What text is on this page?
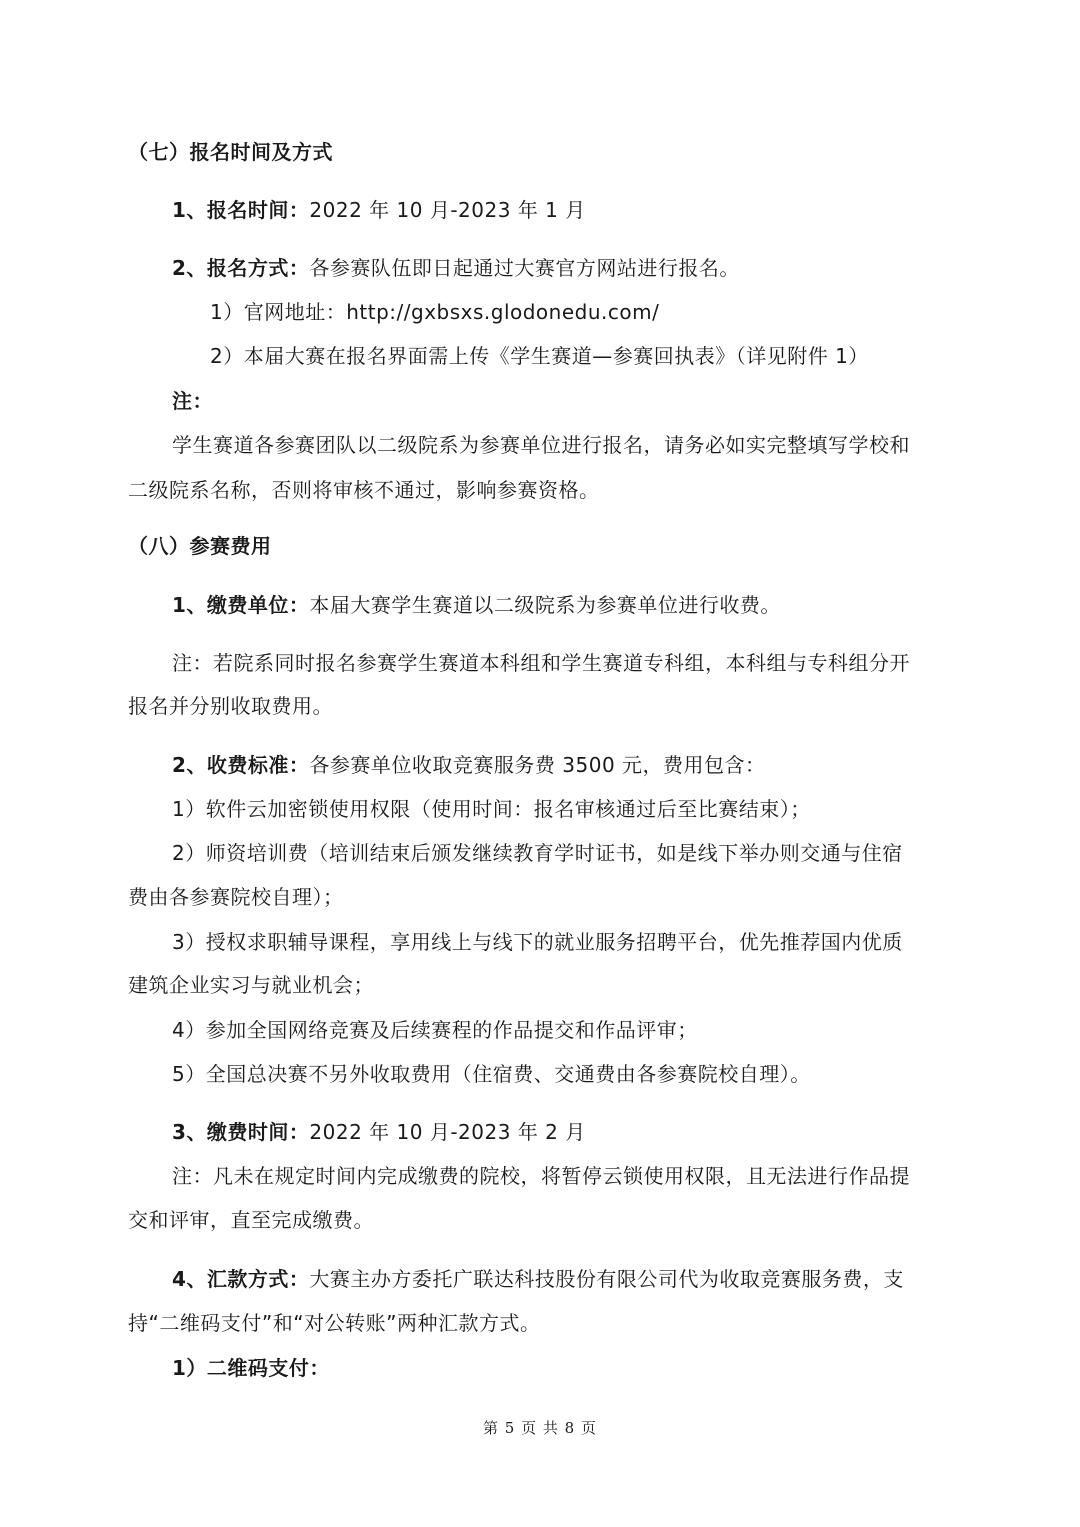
（七）报名时间及方式
1、报名时间：2022 年 10 月-2023 年 1 月
2、报名方式：各参赛队伍即日起通过大赛官方网站进行报名。
1）官网地址：http://gxbsxs.glodonedu.com/
2）本届大赛在报名界面需上传《学生赛道—参赛回执表》（详见附件 1）
注：
学生赛道各参赛团队以二级院系为参赛单位进行报名，请务必如实完整填写学校和
二级院系名称，否则将审核不通过，影响参赛资格。
（八）参赛费用
1、缴费单位：本届大赛学生赛道以二级院系为参赛单位进行收费。
注：若院系同时报名参赛学生赛道本科组和学生赛道专科组，本科组与专科组分开
报名并分别收取费用。
2、收费标准：各参赛单位收取竞赛服务费 3500 元，费用包含：
1）软件云加密锁使用权限（使用时间：报名审核通过后至比赛结束）；
2）师资培训费（培训结束后颁发继续教育学时证书，如是线下举办则交通与住宿
费由各参赛院校自理）；
3）授权求职辅导课程，享用线上与线下的就业服务招聘平台，优先推荐国内优质
建筑企业实习与就业机会；
4）参加全国网络竞赛及后续赛程的作品提交和作品评审；
5）全国总决赛不另外收取费用（住宿费、交通费由各参赛院校自理）。
3、缴费时间：2022 年 10 月-2023 年 2 月
注：凡未在规定时间内完成缴费的院校，将暂停云锁使用权限，且无法进行作品提
交和评审，直至完成缴费。
4、汇款方式：大赛主办方委托广联达科技股份有限公司代为收取竞赛服务费，支
持“二维码支付”和“对公转账”两种汇款方式。
1）二维码支付：
第 5 页 共 8 页
